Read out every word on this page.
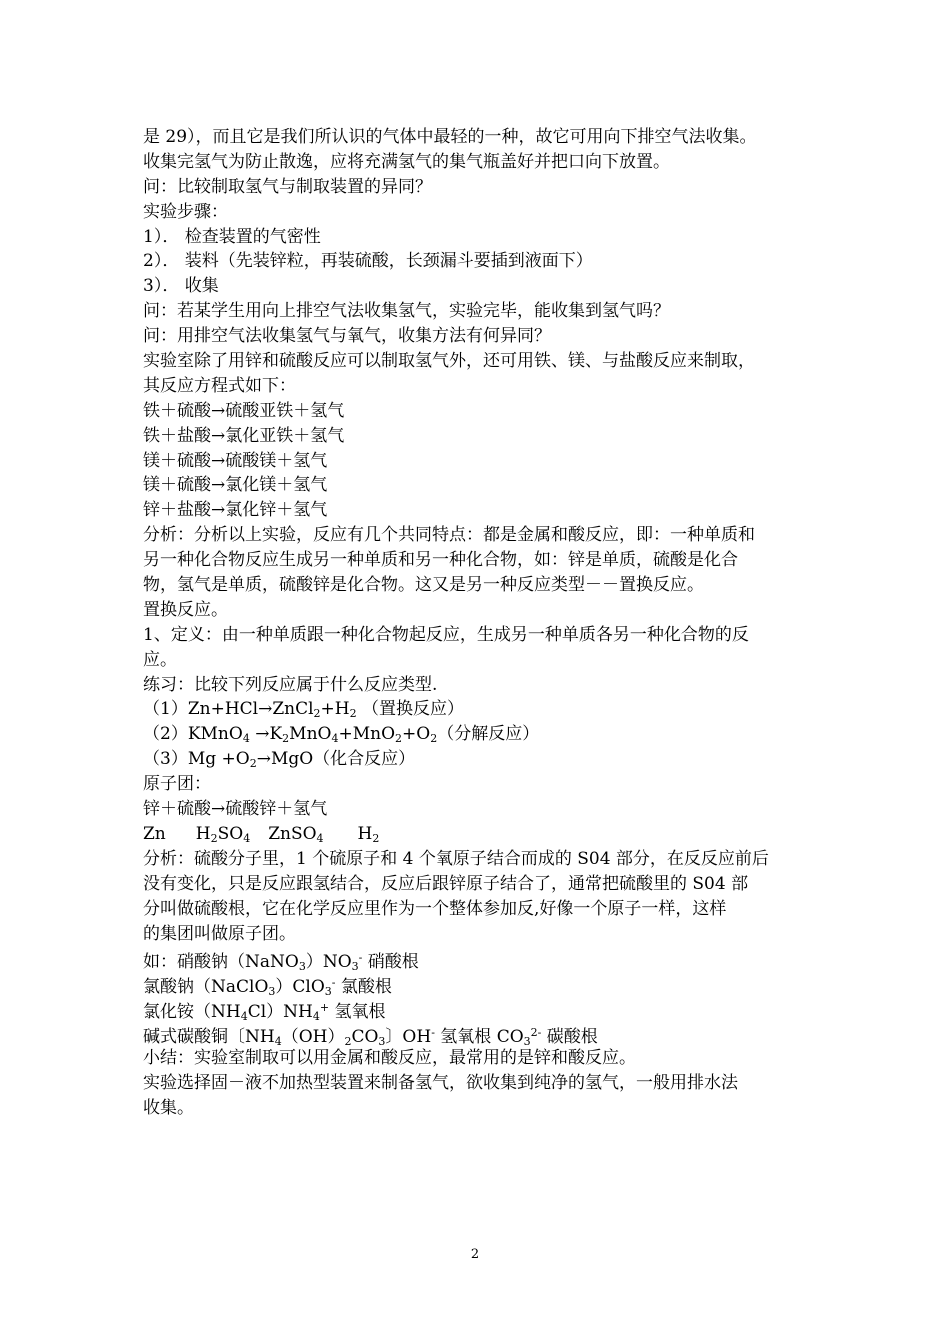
是 29），而且它是我们所认识的气体中最轻的一种，故它可用向下排空气法收集。
收集完氢气为防止散逸，应将充满氢气的集气瓶盖好并把口向下放置。
问：比较制取氢气与制取装置的异同？
实验步骤：
1）． 检查装置的气密性
2）． 装料（先装锌粒，再装硫酸，长颈漏斗要插到液面下）
3）． 收集
问：若某学生用向上排空气法收集氢气，实验完毕，能收集到氢气吗？
问：用排空气法收集氢气与氧气，收集方法有何异同？
实验室除了用锌和硫酸反应可以制取氢气外，还可用铁、镁、与盐酸反应来制取，
其反应方程式如下：
铁＋硫酸→硫酸亚铁＋氢气
铁＋盐酸→氯化亚铁＋氢气
镁＋硫酸→硫酸镁＋氢气
镁＋硫酸→氯化镁＋氢气
锌＋盐酸→氯化锌＋氢气
分析：分析以上实验，反应有几个共同特点：都是金属和酸反应，即：一种单质和
另一种化合物反应生成另一种单质和另一种化合物，如：锌是单质，硫酸是化合
物，氢气是单质，硫酸锌是化合物。这又是另一种反应类型－－置换反应。
置换反应。
1、定义：由一种单质跟一种化合物起反应，生成另一种单质各另一种化合物的反
应。
练习：比较下列反应属于什么反应类型.
$(1)Zn+HCl\to ZnCl_2+H_2$ （置换反应）
（2）KMnO$_4$ $\to K_2MnO_4+MnO_2+O_2$（分解反应）
$(3)Mg +O_2\to MgO$（化合反应）
原子团：
锌＋硫酸→硫酸锌＋氢气
Zn $H_2SO_4$ ZnSO$_4$ $H_2$
分析：硫酸分子里，1 个硫原子和 4 个氧原子结合而成的 S04 部分，在反反应前后
没有变化，只是反应跟氢结合，反应后跟锌原子结合了，通常把硫酸里的 S04 部
分叫做硫酸根，它在化学反应里作为一个整体参加反,好像一个原子一样，这样
的集团叫做原子团。
如：硝酸钠$(NaNO_3)NO_3^-$ 硝酸根
氯酸钠（NaClO$_3$）ClO$_3$- 氯酸根
氯化铵$(NH_4Cl)NH_4^+$ 氢氧根
碱式碳酸铜〔$NH_4(OH)_2CO_3$〕OH- 氢氧根 $CO_3^{2-}$ 碳酸根
小结：实验室制取可以用金属和酸反应，最常用的是锌和酸反应。
实验选择固－液不加热型装置来制备氢气，欲收集到纯净的氢气，一般用排水法
收集。
2
